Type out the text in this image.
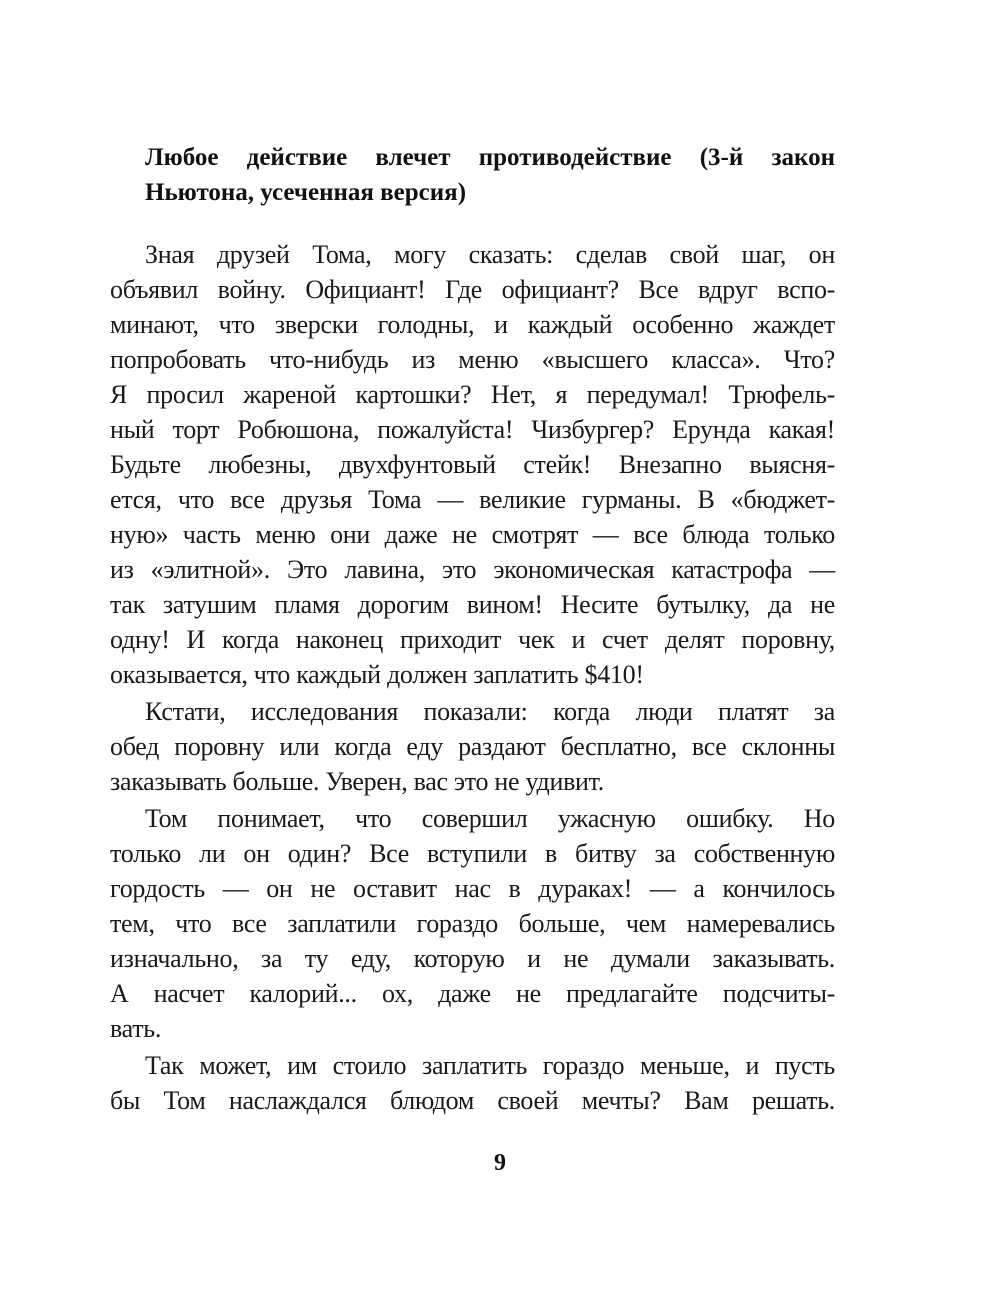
Любое действие влечет противодействие (3-й закон
Ньютона, усеченная версия)
Зная друзей Тома, могу сказать: сделав свой шаг, он
объявил войну. Официант! Где официант? Все вдруг вспо-
минают, что зверски голодны, и каждый особенно жаждет
попробовать что-нибудь из меню «высшего класса». Что?
Я просил жареной картошки? Нет, я передумал! Трюфель-
ный торт Робюшона, пожалуйста! Чизбургер? Ерунда какая!
Будьте любезны, двухфунтовый стейк! Внезапно выясня-
ется, что все друзья Тома — великие гурманы. В «бюджет-
ную» часть меню они даже не смотрят — все блюда только
из «элитной». Это лавина, это экономическая катастрофа —
так затушим пламя дорогим вином! Несите бутылку, да не
одну! И когда наконец приходит чек и счет делят поровну,
оказывается, что каждый должен заплатить $410!
Кстати, исследования показали: когда люди платят за
обед поровну или когда еду раздают бесплатно, все склонны
заказывать больше. Уверен, вас это не удивит.
Том понимает, что совершил ужасную ошибку. Но
только ли он один? Все вступили в битву за собственную
гордость — он не оставит нас в дураках! — а кончилось
тем, что все заплатили гораздо больше, чем намеревались
изначально, за ту еду, которую и не думали заказывать.
А насчет калорий... ох, даже не предлагайте подсчиты-
вать.
Так может, им стоило заплатить гораздо меньше, и пусть
бы Том наслаждался блюдом своей мечты? Вам решать.
9
